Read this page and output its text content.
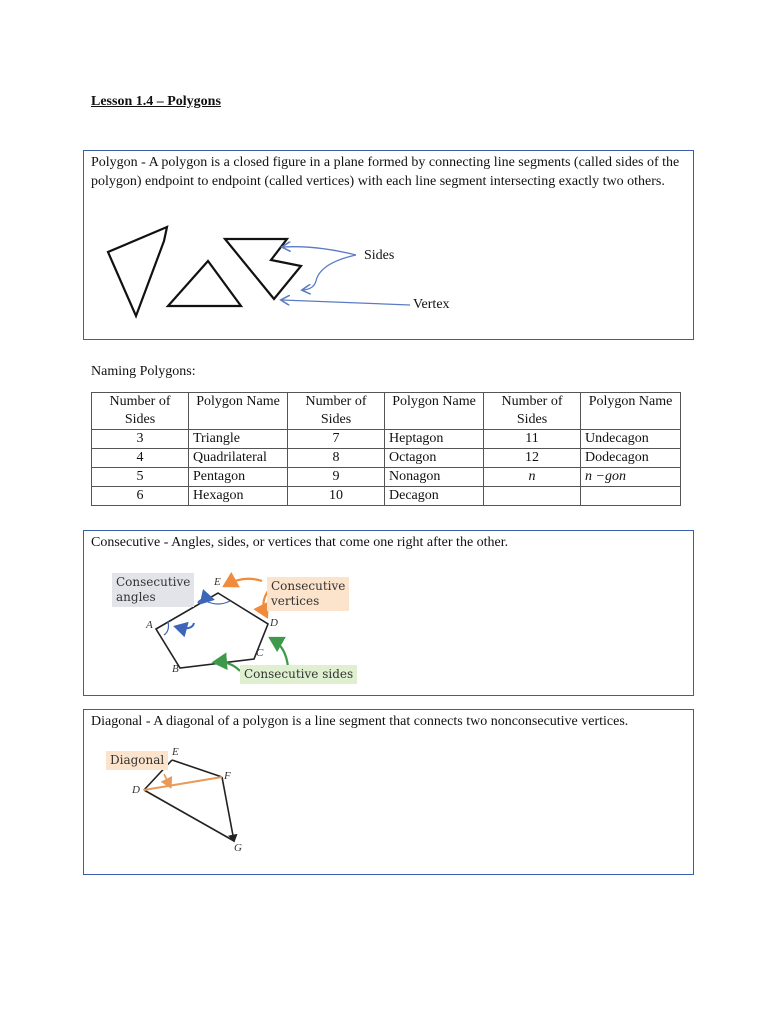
Lesson 1.4 – Polygons
Polygon - A polygon is a closed figure in a plane formed by connecting line segments (called sides of the polygon) endpoint to endpoint (called vertices) with each line segment intersecting exactly two others.
Sides
Vertex
Naming Polygons:
Number of Sides	Polygon Name	Number of Sides	Polygon Name	Number of Sides	Polygon Name
3	Triangle	7	Heptagon	11	Undecagon
4	Quadrilateral	8	Octagon	12	Dodecagon
5	Pentagon	9	Nonagon	n	n −gon
6	Hexagon	10	Decagon		
Consecutive - Angles, sides, or vertices that come one right after the other.
Consecutive
angles
Consecutive
vertices
Consecutive sides
A
B
C
D
E
Diagonal - A diagonal of a polygon is a line segment that connects two nonconsecutive vertices.
Diagonal
D
E
F
G
